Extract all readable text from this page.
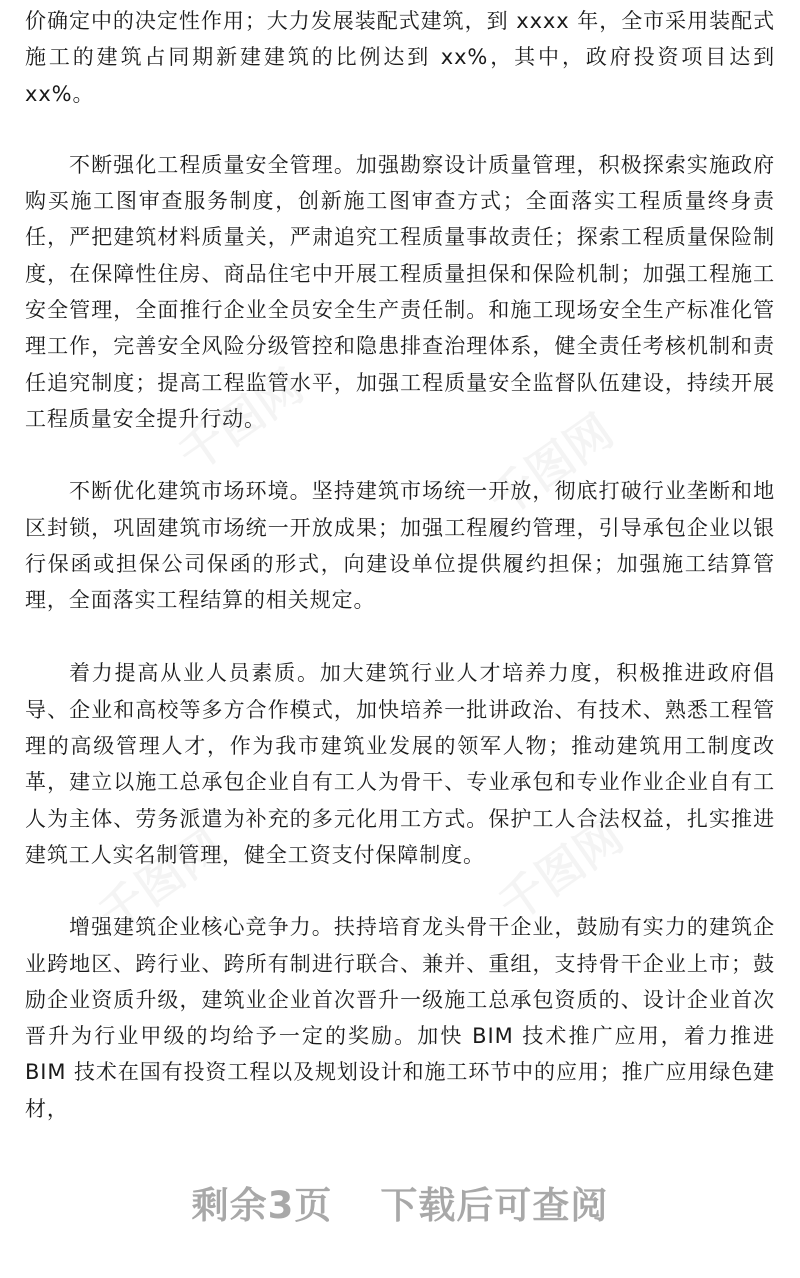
价确定中的决定性作用；大力发展装配式建筑，到 xxxx 年，全市采用装配式施工的建筑占同期新建建筑的比例达到 xx%，其中，政府投资项目达到 xx%。

不断强化工程质量安全管理。加强勘察设计质量管理，积极探索实施政府购买施工图审查服务制度，创新施工图审查方式；全面落实工程质量终身责任，严把建筑材料质量关，严肃追究工程质量事故责任；探索工程质量保险制度，在保障性住房、商品住宅中开展工程质量担保和保险机制；加强工程施工安全管理，全面推行企业全员安全生产责任制。和施工现场安全生产标准化管理工作，完善安全风险分级管控和隐患排查治理体系，健全责任考核机制和责任追究制度；提高工程监管水平，加强工程质量安全监督队伍建设，持续开展工程质量安全提升行动。

不断优化建筑市场环境。坚持建筑市场统一开放，彻底打破行业垄断和地区封锁，巩固建筑市场统一开放成果；加强工程履约管理，引导承包企业以银行保函或担保公司保函的形式，向建设单位提供履约担保；加强施工结算管理，全面落实工程结算的相关规定。

着力提高从业人员素质。加大建筑行业人才培养力度，积极推进政府倡导、企业和高校等多方合作模式，加快培养一批讲政治、有技术、熟悉工程管理的高级管理人才，作为我市建筑业发展的领军人物；推动建筑用工制度改革，建立以施工总承包企业自有工人为骨干、专业承包和专业作业企业自有工人为主体、劳务派遣为补充的多元化用工方式。保护工人合法权益，扎实推进建筑工人实名制管理，健全工资支付保障制度。

增强建筑企业核心竞争力。扶持培育龙头骨干企业，鼓励有实力的建筑企业跨地区、跨行业、跨所有制进行联合、兼并、重组，支持骨干企业上市；鼓励企业资质升级，建筑业企业首次晋升一级施工总承包资质的、设计企业首次晋升为行业甲级的均给予一定的奖励。加快 BIM 技术推广应用，着力推进 BIM 技术在国有投资工程以及规划设计和施工环节中的应用；推广应用绿色建材，

剩余3页 下载后可查阅
